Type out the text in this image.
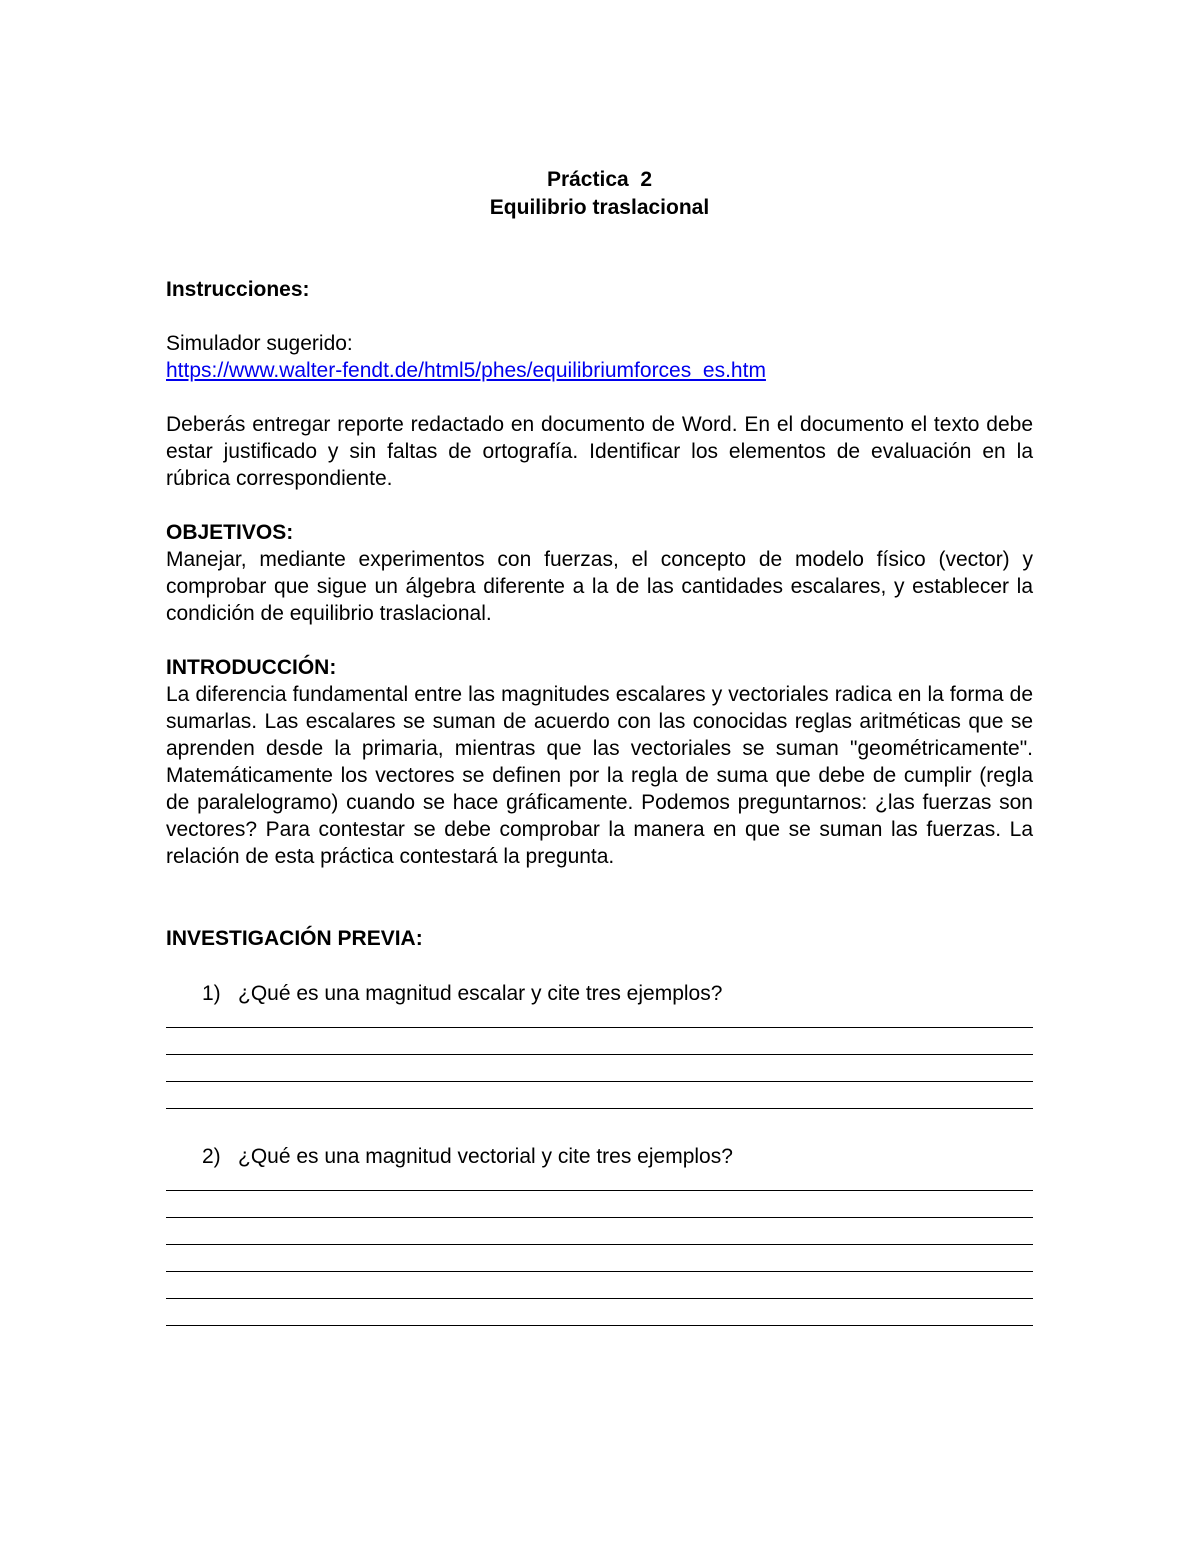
Práctica  2
Equilibrio traslacional
Instrucciones:
Simulador sugerido:
https://www.walter-fendt.de/html5/phes/equilibriumforces_es.htm
Deberás entregar reporte redactado en documento de Word. En el documento el texto debe estar justificado y sin faltas de ortografía. Identificar los elementos de evaluación en la rúbrica correspondiente.
OBJETIVOS:
Manejar, mediante experimentos con fuerzas, el concepto de modelo físico (vector) y comprobar que sigue un álgebra diferente a la de las cantidades escalares, y establecer la condición de equilibrio traslacional.
INTRODUCCIÓN:
La diferencia fundamental entre las magnitudes escalares y vectoriales radica en la forma de sumarlas. Las escalares se suman de acuerdo con las conocidas reglas aritméticas que se aprenden desde la primaria, mientras que las vectoriales se suman "geométricamente". Matemáticamente los vectores se definen por la regla de suma que debe de cumplir (regla de paralelogramo) cuando se hace gráficamente. Podemos preguntarnos: ¿las fuerzas son vectores? Para contestar se debe comprobar la manera en que se suman las fuerzas. La relación de esta práctica contestará la pregunta.
INVESTIGACIÓN PREVIA:
1) ¿Qué es una magnitud escalar y cite tres ejemplos?
2) ¿Qué es una magnitud vectorial y cite tres ejemplos?
